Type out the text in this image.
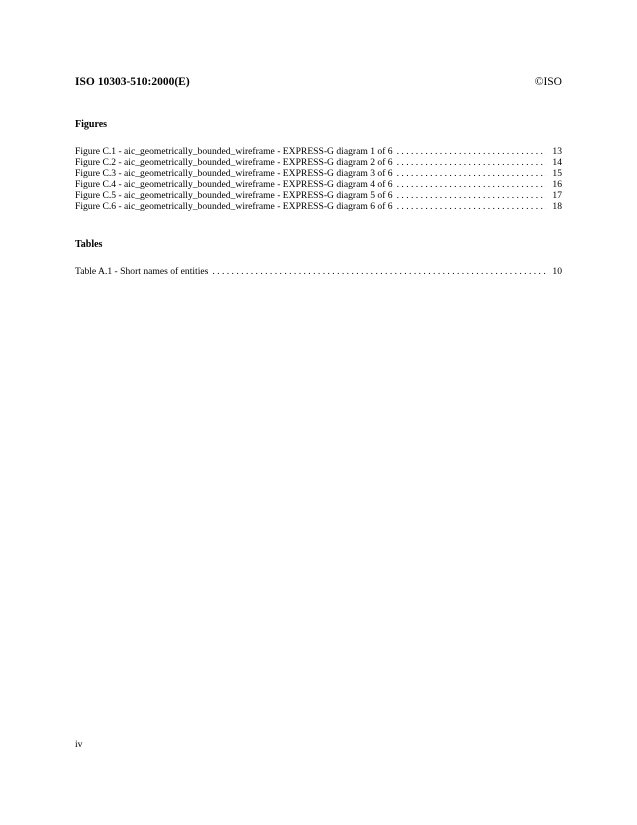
ISO 10303-510:2000(E)	©ISO
Figures
Figure C.1 - aic_geometrically_bounded_wireframe - EXPRESS-G diagram 1 of 6 . . .	13
Figure C.2 - aic_geometrically_bounded_wireframe - EXPRESS-G diagram 2 of 6 . . .	14
Figure C.3 - aic_geometrically_bounded_wireframe - EXPRESS-G diagram 3 of 6 . . .	15
Figure C.4 - aic_geometrically_bounded_wireframe - EXPRESS-G diagram 4 of 6 . . .	16
Figure C.5 - aic_geometrically_bounded_wireframe - EXPRESS-G diagram 5 of 6 . . .	17
Figure C.6 - aic_geometrically_bounded_wireframe - EXPRESS-G diagram 6 of 6 . . .	18
Tables
Table A.1 - Short names of entities . . .	10
iv
